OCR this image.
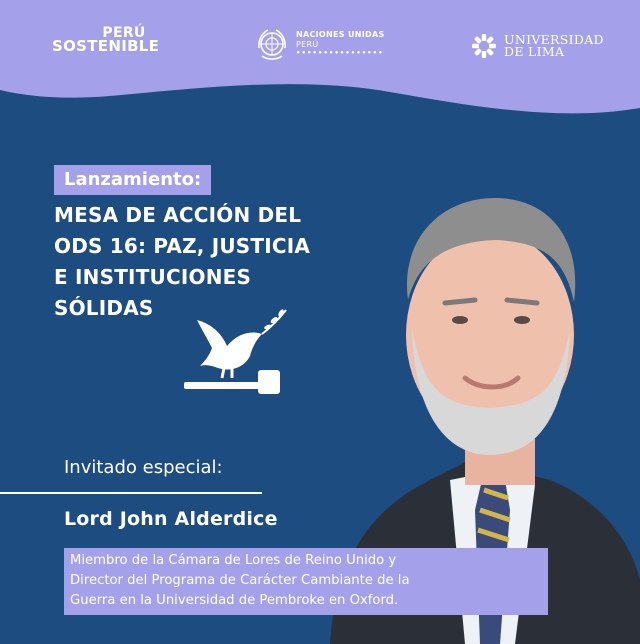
PERÚ
SOSTENIBLE
NACIONES UNIDAS
PERÚ
••••••••••••••••
UNIVERSIDAD
DE LIMA
Lanzamiento:
MESA DE ACCIÓN DEL
ODS 16: PAZ, JUSTICIA
E INSTITUCIONES
SÓLIDAS
Invitado especial:
Lord John Alderdice
Miembro de la Cámara de Lores de Reino Unido y
Director del Programa de Carácter Cambiante de la
Guerra en la Universidad de Pembroke en Oxford.
